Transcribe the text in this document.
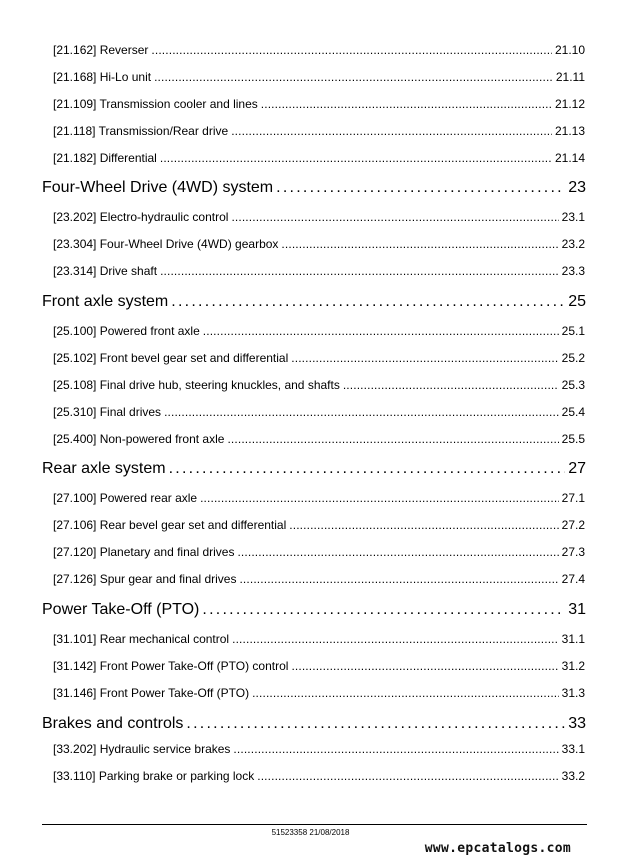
[21.162] Reverser . . .	21.10
[21.168] Hi-Lo unit . . .	21.11
[21.109] Transmission cooler and lines . . .	21.12
[21.118] Transmission/Rear drive . . .	21.13
[21.182] Differential . . .	21.14
Four-Wheel Drive (4WD) system . . .	23
[23.202] Electro-hydraulic control . . .	23.1
[23.304] Four-Wheel Drive (4WD) gearbox . . .	23.2
[23.314] Drive shaft . . .	23.3
Front axle system . . .	25
[25.100] Powered front axle . . .	25.1
[25.102] Front bevel gear set and differential . . .	25.2
[25.108] Final drive hub, steering knuckles, and shafts . . .	25.3
[25.310] Final drives . . .	25.4
[25.400] Non-powered front axle . . .	25.5
Rear axle system . . .	27
[27.100] Powered rear axle . . .	27.1
[27.106] Rear bevel gear set and differential . . .	27.2
[27.120] Planetary and final drives . . .	27.3
[27.126] Spur gear and final drives . . .	27.4
Power Take-Off (PTO) . . .	31
[31.101] Rear mechanical control . . .	31.1
[31.142] Front Power Take-Off (PTO) control . . .	31.2
[31.146] Front Power Take-Off (PTO) . . .	31.3
Brakes and controls . . .	33
[33.202] Hydraulic service brakes . . .	33.1
[33.110] Parking brake or parking lock . . .	33.2
51523358 21/08/2018
www.epcatalogs.com
